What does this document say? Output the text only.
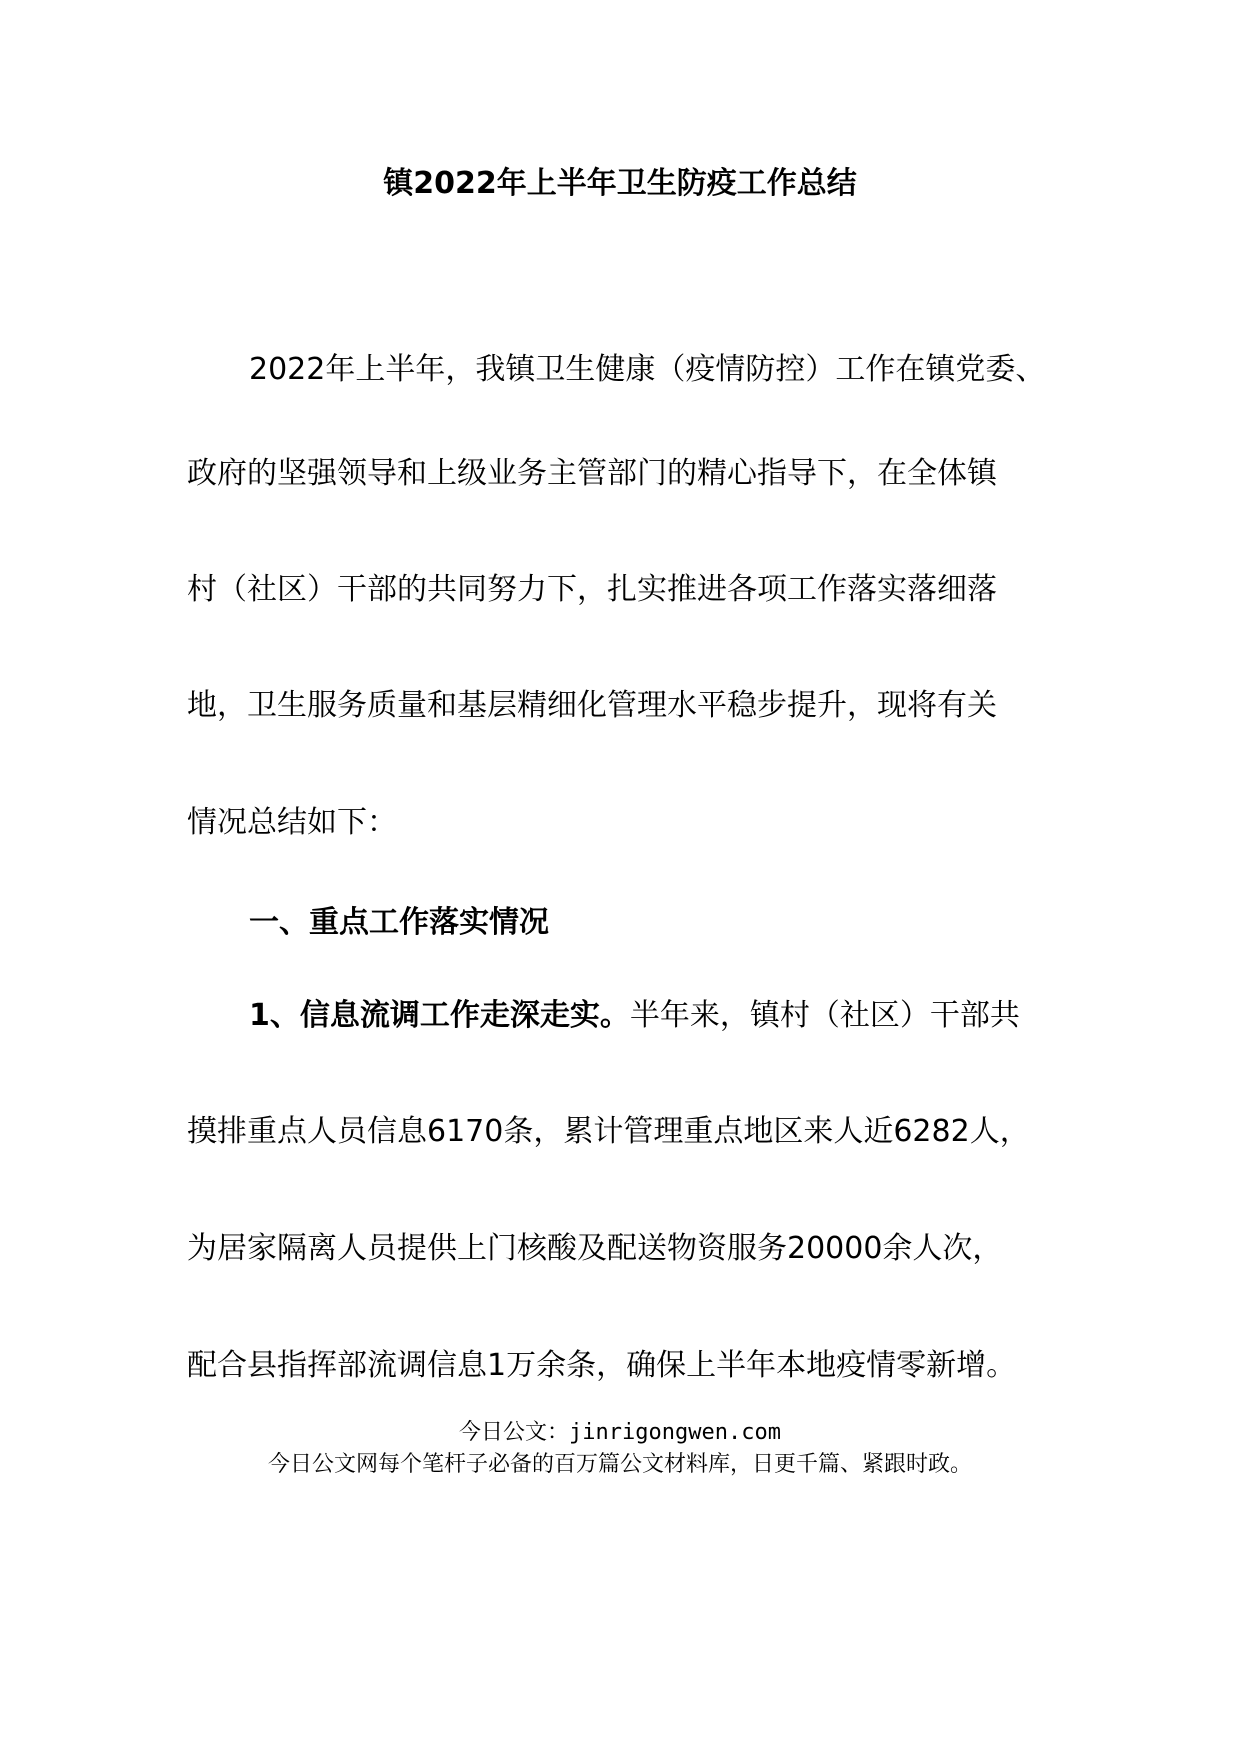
镇2022年上半年卫生防疫工作总结
2022年上半年，我镇卫生健康（疫情防控）工作在镇党委、
政府的坚强领导和上级业务主管部门的精心指导下，在全体镇
村（社区）干部的共同努力下，扎实推进各项工作落实落细落
地，卫生服务质量和基层精细化管理水平稳步提升，现将有关
情况总结如下：
一、重点工作落实情况
1、信息流调工作走深走实。半年来，镇村（社区）干部共
摸排重点人员信息6170条，累计管理重点地区来人近6282人，
为居家隔离人员提供上门核酸及配送物资服务20000余人次，
配合县指挥部流调信息1万余条，确保上半年本地疫情零新增。
今日公文：jinrigongwen.com
今日公文网每个笔杆子必备的百万篇公文材料库，日更千篇、紧跟时政。
